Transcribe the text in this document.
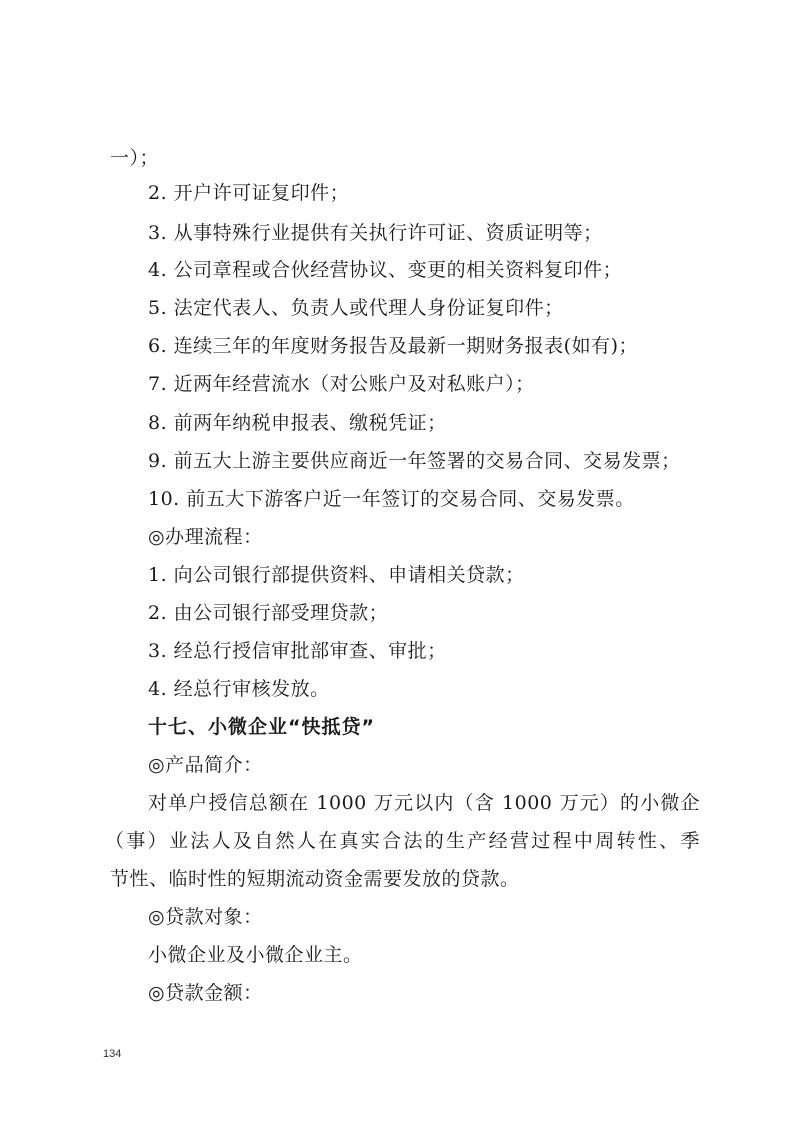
一）；
2. 开户许可证复印件；
3. 从事特殊行业提供有关执行许可证、资质证明等；
4. 公司章程或合伙经营协议、变更的相关资料复印件；
5. 法定代表人、负责人或代理人身份证复印件；
6. 连续三年的年度财务报告及最新一期财务报表(如有)；
7. 近两年经营流水（对公账户及对私账户）；
8. 前两年纳税申报表、缴税凭证；
9. 前五大上游主要供应商近一年签署的交易合同、交易发票；
10. 前五大下游客户近一年签订的交易合同、交易发票。
◎办理流程：
1. 向公司银行部提供资料、申请相关贷款；
2. 由公司银行部受理贷款；
3. 经总行授信审批部审查、审批；
4. 经总行审核发放。
十七、小微企业“快抵贷”
◎产品简介：
对单户授信总额在 1000 万元以内（含 1000 万元）的小微企
（事）业法人及自然人在真实合法的生产经营过程中周转性、季
节性、临时性的短期流动资金需要发放的贷款。
◎贷款对象：
小微企业及小微企业主。
◎贷款金额：
134
